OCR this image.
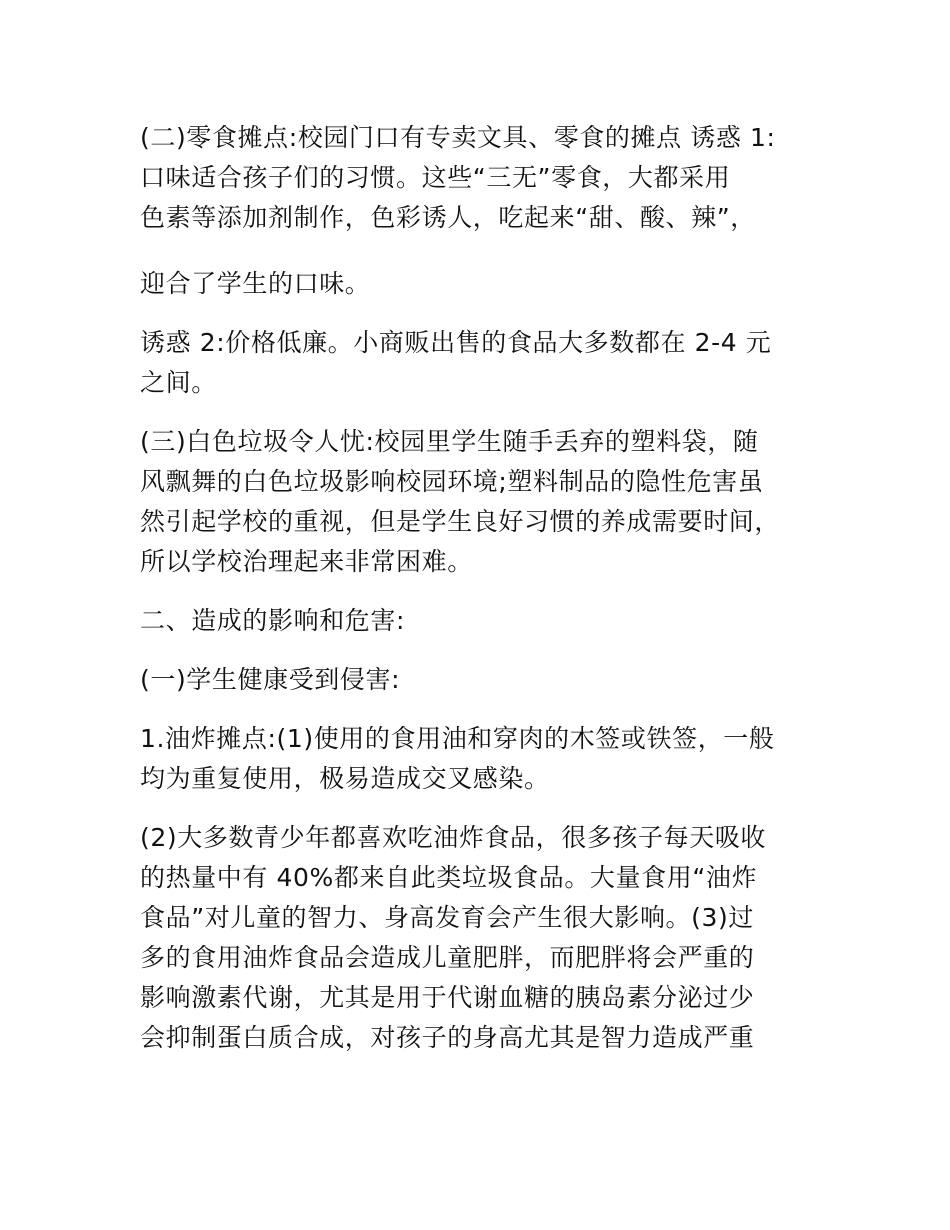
(二)零食摊点:校园门口有专卖文具、零食的摊点 诱惑 1:
口味适合孩子们的习惯。这些“三无”零食，大都采用
色素等添加剂制作，色彩诱人，吃起来“甜、酸、辣”，

迎合了学生的口味。

诱惑 2:价格低廉。小商贩出售的食品大多数都在 2-4 元
之间。

(三)白色垃圾令人忧:校园里学生随手丢弃的塑料袋，随
风飘舞的白色垃圾影响校园环境;塑料制品的隐性危害虽
然引起学校的重视，但是学生良好习惯的养成需要时间，
所以学校治理起来非常困难。

二、造成的影响和危害:

(一)学生健康受到侵害:

1.油炸摊点:(1)使用的食用油和穿肉的木签或铁签，一般
均为重复使用，极易造成交叉感染。

(2)大多数青少年都喜欢吃油炸食品，很多孩子每天吸收
的热量中有 40%都来自此类垃圾食品。大量食用“油炸
食品”对儿童的智力、身高发育会产生很大影响。(3)过
多的食用油炸食品会造成儿童肥胖，而肥胖将会严重的
影响激素代谢，尤其是用于代谢血糖的胰岛素分泌过少
会抑制蛋白质合成，对孩子的身高尤其是智力造成严重
